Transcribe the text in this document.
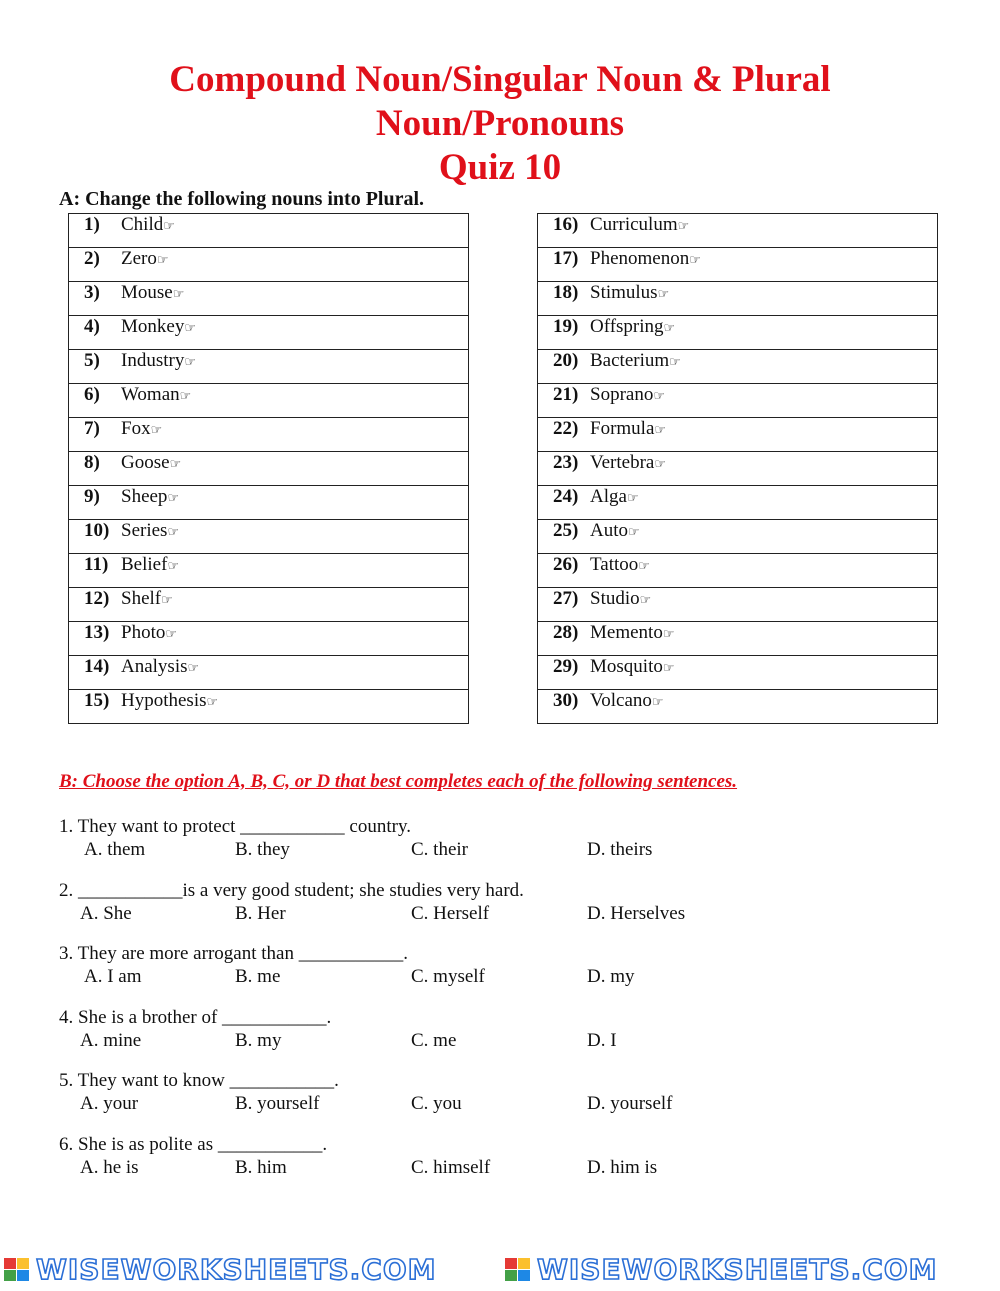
Compound Noun/Singular Noun & Plural
Noun/Pronouns
Quiz 10
A: Change the following nouns into Plural.
1) Child☞
2) Zero☞
3) Mouse☞
4) Monkey☞
5) Industry☞
6) Woman☞
7) Fox☞
8) Goose☞
9) Sheep☞
10) Series☞
11) Belief☞
12) Shelf☞
13) Photo☞
14) Analysis☞
15) Hypothesis☞
16) Curriculum☞
17) Phenomenon☞
18) Stimulus☞
19) Offspring☞
20) Bacterium☞
21) Soprano☞
22) Formula☞
23) Vertebra☞
24) Alga☞
25) Auto☞
26) Tattoo☞
27) Studio☞
28) Memento☞
29) Mosquito☞
30) Volcano☞
B: Choose the option A, B, C, or D that best completes each of the following sentences.
1. They want to protect ___________ country.
A. them	B. they	C. their	D. theirs
2. ___________is a very good student; she studies very hard.
A. She	B. Her	C. Herself	D. Herselves
3. They are more arrogant than ___________.
A. I am	B. me	C. myself	D. my
4. She is a brother of ___________.
A. mine	B. my	C. me	D. I
5. They want to know ___________.
A. your	B. yourself	C. you	D. yourself
6. She is as polite as ___________.
A. he is	B. him	C. himself	D. him is
WISEWORKSHEETS.COM	WISEWORKSHEETS.COM
